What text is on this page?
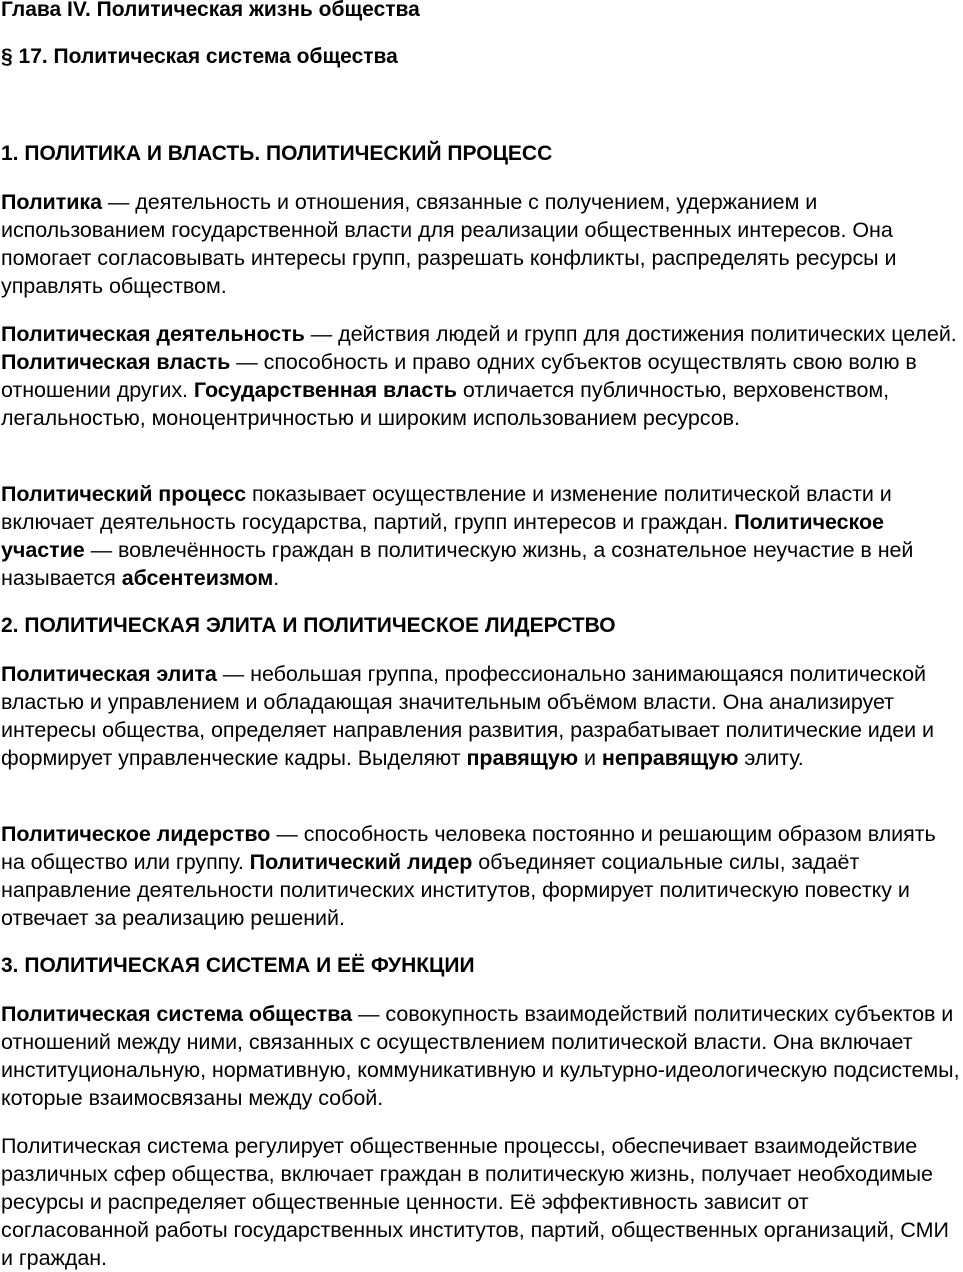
Глава IV. Политическая жизнь общества
§ 17. Политическая система общества
1. ПОЛИТИКА И ВЛАСТЬ. ПОЛИТИЧЕСКИЙ ПРОЦЕСС

Политика — деятельность и отношения, связанные с получением, удержанием и использованием государственной власти для реализации общественных интересов. Она помогает согласовывать интересы групп, разрешать конфликты, распределять ресурсы и управлять обществом.

Политическая деятельность — действия людей и групп для достижения политических целей. Политическая власть — способность и право одних субъектов осуществлять свою волю в отношении других. Государственная власть отличается публичностью, верховенством, легальностью, моноцентричностью и широким использованием ресурсов.

Политический процесс показывает осуществление и изменение политической власти и включает деятельность государства, партий, групп интересов и граждан. Политическое участие — вовлечённость граждан в политическую жизнь, а сознательное неучастие в ней называется абсентеизмом.

2. ПОЛИТИЧЕСКАЯ ЭЛИТА И ПОЛИТИЧЕСКОЕ ЛИДЕРСТВО

Политическая элита — небольшая группа, профессионально занимающаяся политической властью и управлением и обладающая значительным объёмом власти. Она анализирует интересы общества, определяет направления развития, разрабатывает политические идеи и формирует управленческие кадры. Выделяют правящую и неправящую элиту.

Политическое лидерство — способность человека постоянно и решающим образом влиять на общество или группу. Политический лидер объединяет социальные силы, задаёт направление деятельности политических институтов, формирует политическую повестку и отвечает за реализацию решений.

3. ПОЛИТИЧЕСКАЯ СИСТЕМА И ЕЁ ФУНКЦИИ

Политическая система общества — совокупность взаимодействий политических субъектов и отношений между ними, связанных с осуществлением политической власти. Она включает институциональную, нормативную, коммуникативную и культурно-идеологическую подсистемы, которые взаимосвязаны между собой.

Политическая система регулирует общественные процессы, обеспечивает взаимодействие различных сфер общества, включает граждан в политическую жизнь, получает необходимые ресурсы и распределяет общественные ценности. Её эффективность зависит от согласованной работы государственных институтов, партий, общественных организаций, СМИ и граждан.
